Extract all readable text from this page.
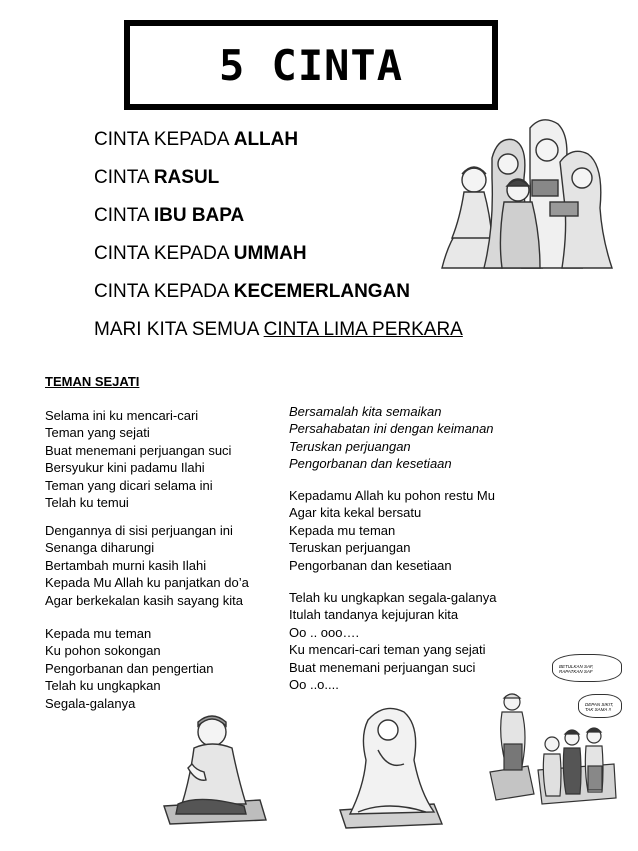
5 CINTA
CINTA KEPADA ALLAH
CINTA RASUL
CINTA IBU BAPA
CINTA KEPADA UMMAH
CINTA KEPADA KECEMERLANGAN
MARI KITA SEMUA CINTA LIMA PERKARA
TEMAN SEJATI
Selama ini ku mencari-cari
Teman yang sejati
Buat menemani perjuangan suci
Bersyukur kini padamu Ilahi
Teman yang dicari selama ini
Telah ku temui
Dengannya di sisi perjuangan ini
Senanga diharungi
Bertambah murni kasih Ilahi
Kepada Mu Allah ku panjatkan do’a
Agar berkekalan kasih sayang kita
Kepada mu teman
Ku pohon sokongan
Pengorbanan dan pengertian
Telah ku ungkapkan
Segala-galanya
Bersamalah kita semaikan
Persahabatan ini dengan keimanan
Teruskan perjuangan
Pengorbanan dan kesetiaan
Kepadamu Allah ku pohon restu Mu
Agar kita kekal bersatu
Kepada mu teman
Teruskan perjuangan
Pengorbanan dan kesetiaan
Telah ku ungkapkan segala-galanya
Itulah tandanya kejujuran kita
Oo .. ooo….
Ku mencari-cari teman yang sejati
Buat menemani perjuangan suci
Oo ..o....
BETULKAN SAF, RAPATKAN SAF
DEPAN SIKIT, TAK SAMA !!
